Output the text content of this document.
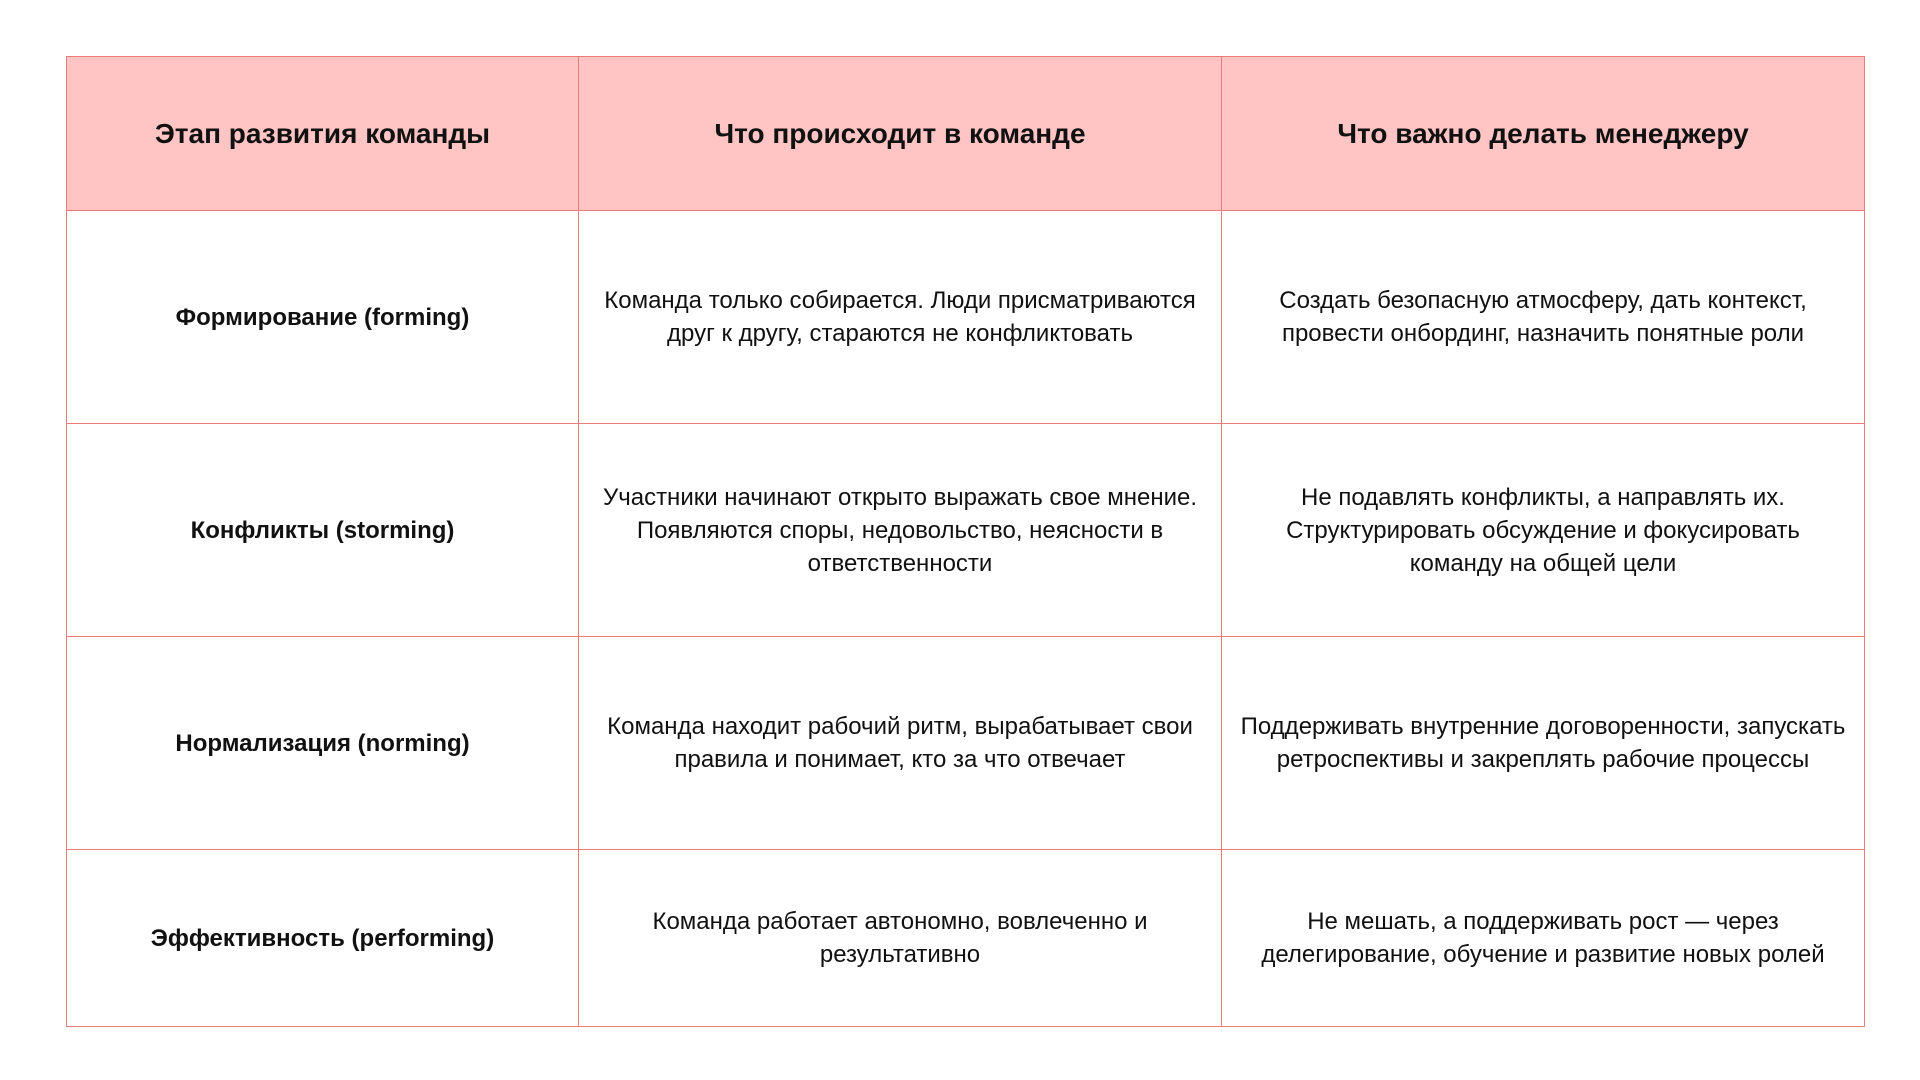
Этап развития команды	Что происходит в команде	Что важно делать менеджеру
Формирование (forming)	Команда только собирается. Люди присматриваются друг к другу, стараются не конфликтовать	Создать безопасную атмосферу, дать контекст, провести онбординг, назначить понятные роли
Конфликты (storming)	Участники начинают открыто выражать свое мнение. Появляются споры, недовольство, неясности в ответственности	Не подавлять конфликты, а направлять их. Структурировать обсуждение и фокусировать команду на общей цели
Нормализация (norming)	Команда находит рабочий ритм, вырабатывает свои правила и понимает, кто за что отвечает	Поддерживать внутренние договоренности, запускать ретроспективы и закреплять рабочие процессы
Эффективность (performing)	Команда работает автономно, вовлеченно и результативно	Не мешать, а поддерживать рост — через делегирование, обучение и развитие новых ролей
